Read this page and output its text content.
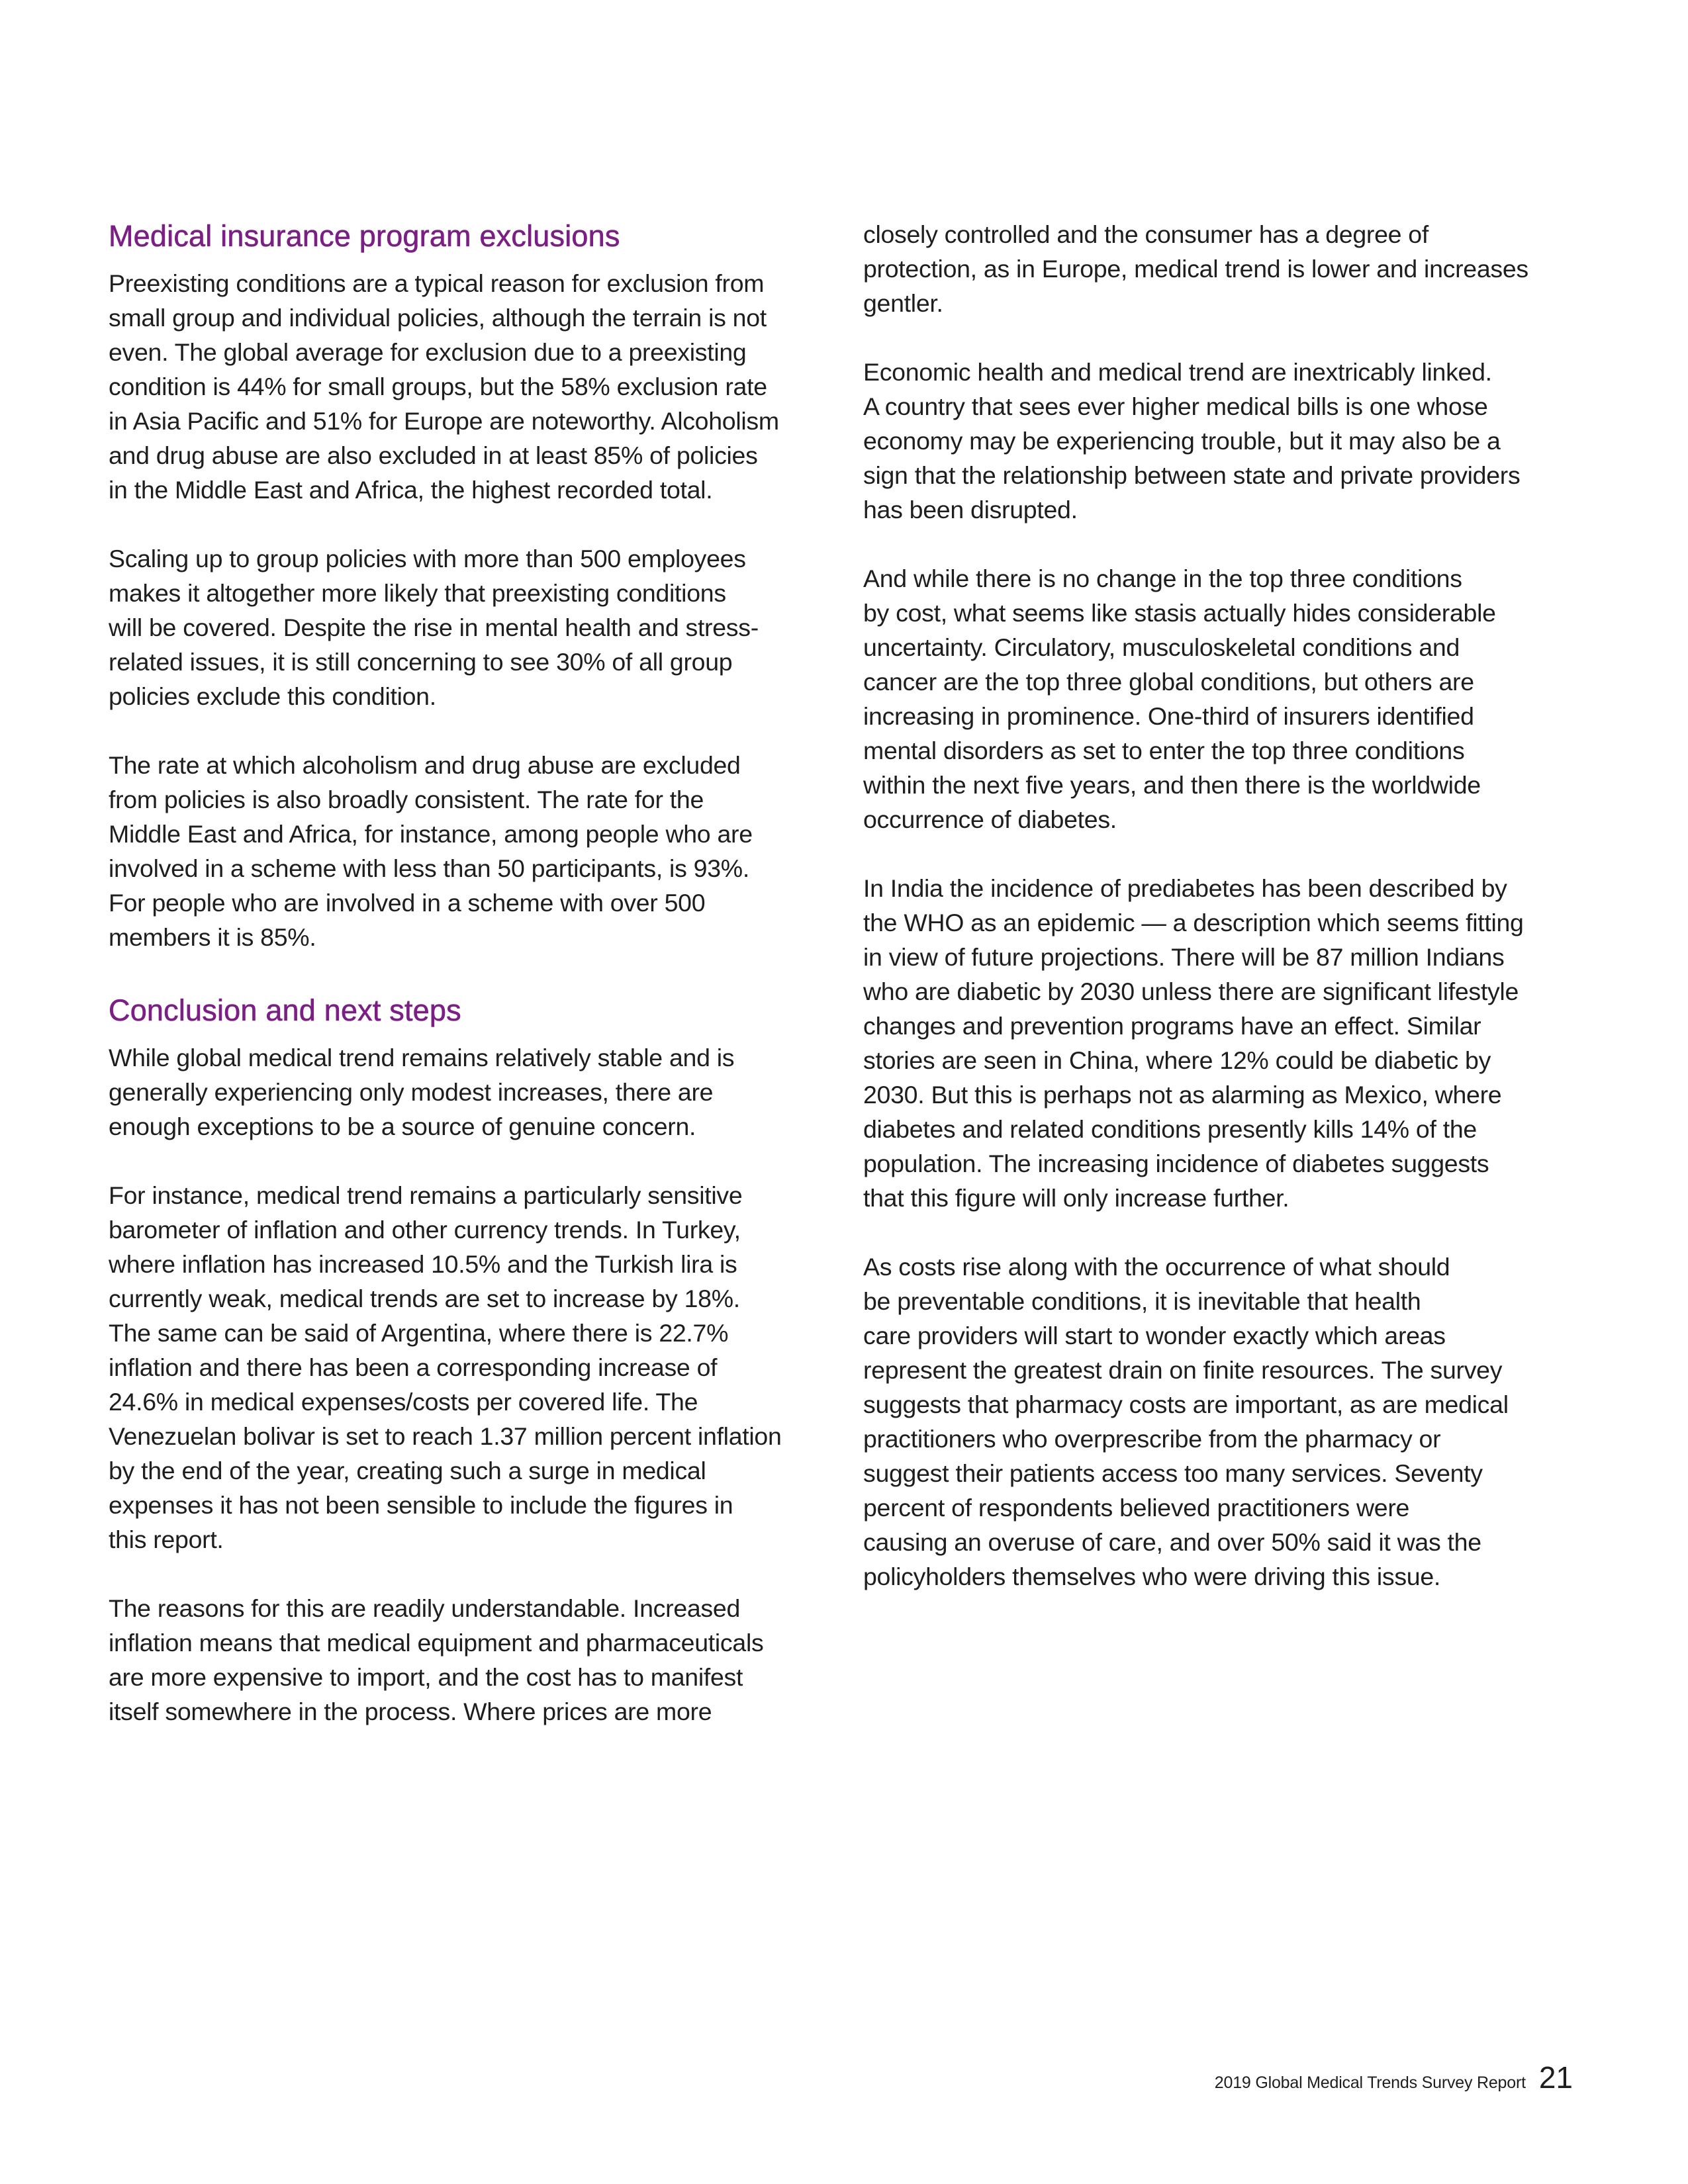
Medical insurance program exclusions

Preexisting conditions are a typical reason for exclusion from
small group and individual policies, although the terrain is not
even. The global average for exclusion due to a preexisting
condition is 44% for small groups, but the 58% exclusion rate
in Asia Pacific and 51% for Europe are noteworthy. Alcoholism
and drug abuse are also excluded in at least 85% of policies
in the Middle East and Africa, the highest recorded total.

Scaling up to group policies with more than 500 employees
makes it altogether more likely that preexisting conditions
will be covered. Despite the rise in mental health and stress-
related issues, it is still concerning to see 30% of all group
policies exclude this condition.

The rate at which alcoholism and drug abuse are excluded
from policies is also broadly consistent. The rate for the
Middle East and Africa, for instance, among people who are
involved in a scheme with less than 50 participants, is 93%.
For people who are involved in a scheme with over 500
members it is 85%.

Conclusion and next steps

While global medical trend remains relatively stable and is
generally experiencing only modest increases, there are
enough exceptions to be a source of genuine concern.

For instance, medical trend remains a particularly sensitive
barometer of inflation and other currency trends. In Turkey,
where inflation has increased 10.5% and the Turkish lira is
currently weak, medical trends are set to increase by 18%.
The same can be said of Argentina, where there is 22.7%
inflation and there has been a corresponding increase of
24.6% in medical expenses/costs per covered life. The
Venezuelan bolivar is set to reach 1.37 million percent inflation
by the end of the year, creating such a surge in medical
expenses it has not been sensible to include the figures in
this report.

The reasons for this are readily understandable. Increased
inflation means that medical equipment and pharmaceuticals
are more expensive to import, and the cost has to manifest
itself somewhere in the process. Where prices are more

closely controlled and the consumer has a degree of
protection, as in Europe, medical trend is lower and increases
gentler.

Economic health and medical trend are inextricably linked.
A country that sees ever higher medical bills is one whose
economy may be experiencing trouble, but it may also be a
sign that the relationship between state and private providers
has been disrupted.

And while there is no change in the top three conditions
by cost, what seems like stasis actually hides considerable
uncertainty. Circulatory, musculoskeletal conditions and
cancer are the top three global conditions, but others are
increasing in prominence. One-third of insurers identified
mental disorders as set to enter the top three conditions
within the next five years, and then there is the worldwide
occurrence of diabetes.

In India the incidence of prediabetes has been described by
the WHO as an epidemic — a description which seems fitting
in view of future projections. There will be 87 million Indians
who are diabetic by 2030 unless there are significant lifestyle
changes and prevention programs have an effect. Similar
stories are seen in China, where 12% could be diabetic by
2030. But this is perhaps not as alarming as Mexico, where
diabetes and related conditions presently kills 14% of the
population. The increasing incidence of diabetes suggests
that this figure will only increase further.

As costs rise along with the occurrence of what should
be preventable conditions, it is inevitable that health
care providers will start to wonder exactly which areas
represent the greatest drain on finite resources. The survey
suggests that pharmacy costs are important, as are medical
practitioners who overprescribe from the pharmacy or
suggest their patients access too many services. Seventy
percent of respondents believed practitioners were
causing an overuse of care, and over 50% said it was the
policyholders themselves who were driving this issue.

2019 Global Medical Trends Survey Report 21
